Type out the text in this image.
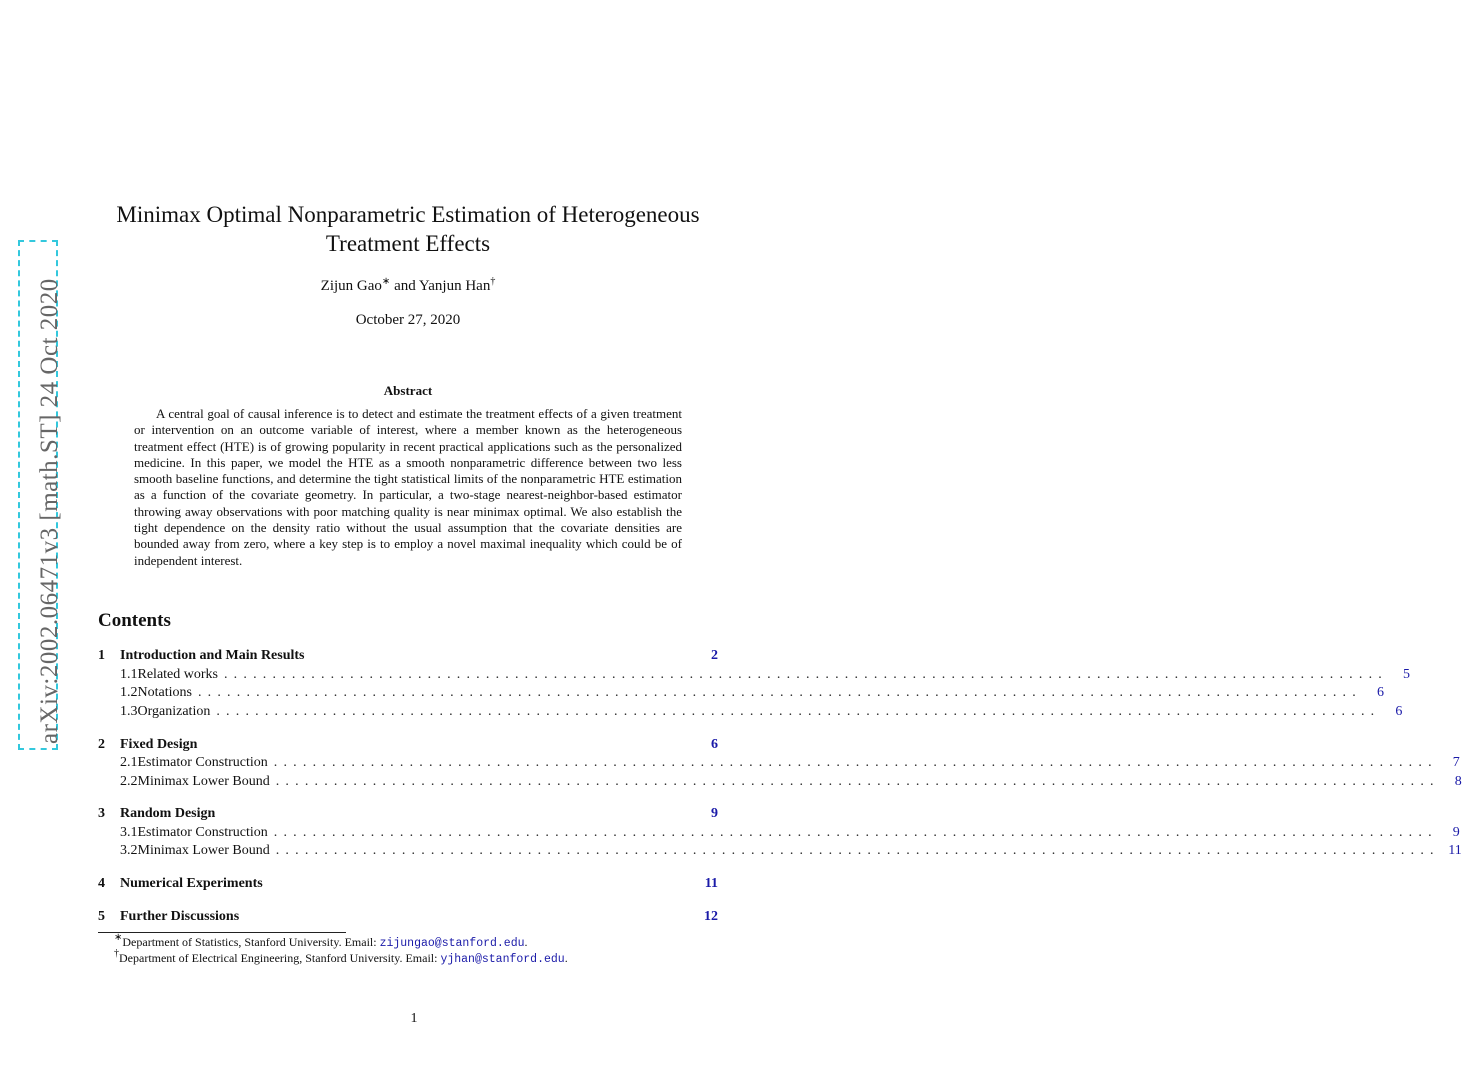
arXiv:2002.06471v3 [math.ST] 24 Oct 2020
Minimax Optimal Nonparametric Estimation of Heterogeneous
Treatment Effects
Zijun Gao∗ and Yanjun Han†
October 27, 2020
Abstract

A central goal of causal inference is to detect and estimate the treatment effects of a given treatment or intervention on an outcome variable of interest, where a member known as the heterogeneous treatment effect (HTE) is of growing popularity in recent practical applications such as the personalized medicine. In this paper, we model the HTE as a smooth nonparametric difference between two less smooth baseline functions, and determine the tight statistical limits of the nonparametric HTE estimation as a function of the covariate geometry. In particular, a two-stage nearest-neighbor-based estimator throwing away observations with poor matching quality is near minimax optimal. We also establish the tight dependence on the density ratio without the usual assumption that the covariate densities are bounded away from zero, where a key step is to employ a novel maximal inequality which could be of independent interest.

Contents
1	Introduction and Main Results	2
1.1 Related works ........................................................................................................................	5
1.2 Notations ........................................................................................................................	6
1.3 Organization ........................................................................................................................	6
2	Fixed Design	6
2.1 Estimator Construction ........................................................................................................................	7
2.2 Minimax Lower Bound ........................................................................................................................	8
3	Random Design	9
3.1 Estimator Construction ........................................................................................................................	9
3.2 Minimax Lower Bound ........................................................................................................................ 11
4	Numerical Experiments	11
5	Further Discussions	12
∗Department of Statistics, Stanford University. Email: zijungao@stanford.edu.
†Department of Electrical Engineering, Stanford University. Email: yjhan@stanford.edu.
1
